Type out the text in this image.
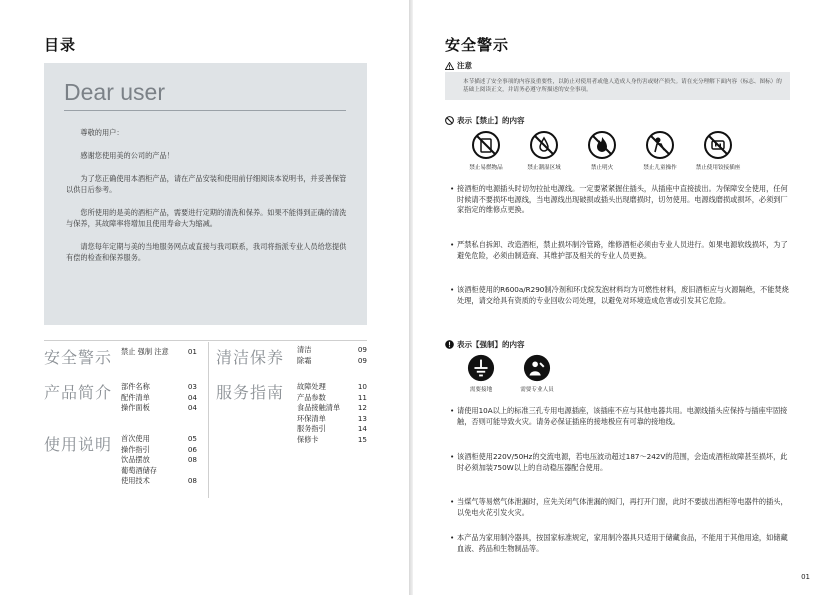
目录
Dear user

尊敬的用户：

感谢您使用美的公司的产品！

为了您正确使用本酒柜产品，请在产品安装和使用前仔细阅读本说明书，并妥善保管以供日后参考。

您所使用的是美的酒柜产品，需要进行定期的清洗和保养。如果不能得到正确的清洗与保养，其故障率将增加且使用寿命大为缩减。

请您每年定期与美的当地服务网点或直接与我司联系，我司将指派专业人员给您提供有偿的检查和保养服务。

安全警示 禁止 强制 注意	01
产品简介 部件名称	03
配件清单	04
操作面板	04
使用说明 首次使用	05
操作指引	06
饮品摆放	08
葡萄酒储存
使用技术	08
清洁保养 清洁	09
除霜	09
服务指南 故障处理	10
产品参数	11
食品接触清单	12
环保清单	13
服务指引	14
保修卡	15
安全警示
注意
本节描述了安全事项的内容及重要性，以防止对使用者或他人造成人身伤害或财产损失。请在充分理解下面内容（标志、图标）的基础上阅读正文，并请务必遵守所描述的安全事项。
表示【禁止】的内容
禁止易燃物品	禁止潮湿区域	禁止明火	禁止儿童操作	禁止使用铰接插座
• 接酒柜的电源插头时切勿拉扯电源线。一定要紧紧握住插头，从插座中直接拔出。为保障安全使用，任何时候请不要损坏电源线，当电源线出现破损或插头出现磨损时，切勿使用。电源线磨损或损坏，必须到厂家指定的维修点更换。
• 严禁私自拆卸、改造酒柜，禁止损坏制冷管路，维修酒柜必须由专业人员进行。如果电源软线损坏，为了避免危险，必须由制造商、其维护部及相关的专业人员更换。
• 该酒柜使用的R600a/R290制冷剂和环戊烷发泡材料均为可燃性材料，废旧酒柜应与火源隔绝，不能焚烧处理，请交给具有资质的专业回收公司处理，以避免对环境造成危害或引发其它危险。
表示【强制】的内容
需要接地	需要专业人员
• 请使用10A以上的标准三孔专用电源插座，该插座不应与其他电器共用。电源线插头应保持与插座牢固接触，否则可能导致火灾。请务必保证插座的接地极应有可靠的接地线。
• 该酒柜使用220V/50Hz的交流电源，若电压波动超过187～242V的范围，会造成酒柜故障甚至损坏，此时必须加装750W以上的自动稳压器配合使用。
• 当煤气等易燃气体泄漏时，应先关闭气体泄漏的阀门，再打开门窗，此时不要拔出酒柜等电器件的插头，以免电火花引发火灾。
• 本产品为家用制冷器具，按国家标准规定，家用制冷器具只适用于储藏食品，不能用于其他用途，如储藏血液、药品和生物制品等。
01
